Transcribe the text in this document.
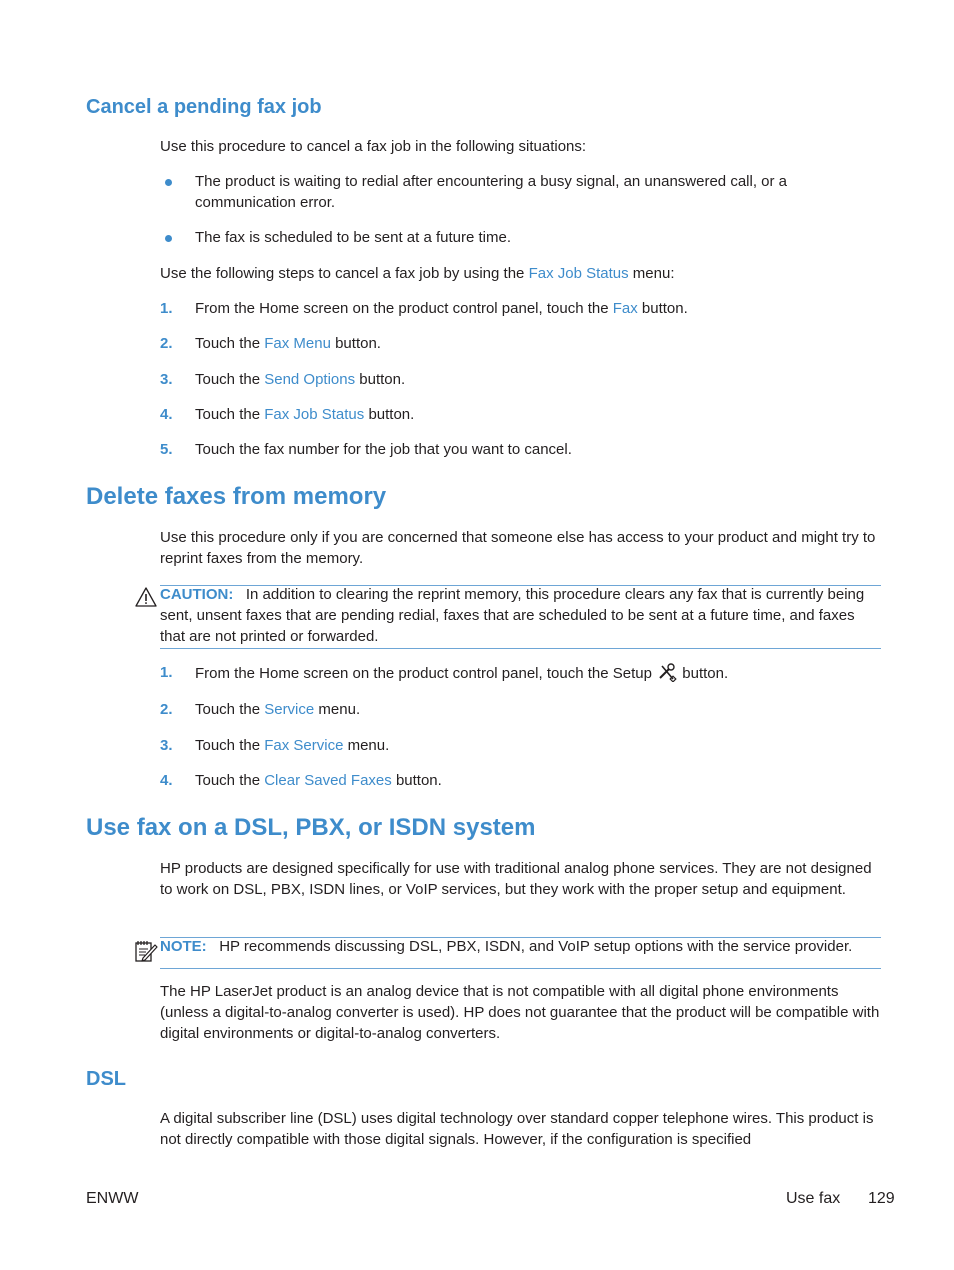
Cancel a pending fax job
Use this procedure to cancel a fax job in the following situations:
The product is waiting to redial after encountering a busy signal, an unanswered call, or a communication error.
The fax is scheduled to be sent at a future time.
Use the following steps to cancel a fax job by using the Fax Job Status menu:
1. From the Home screen on the product control panel, touch the Fax button.
2. Touch the Fax Menu button.
3. Touch the Send Options button.
4. Touch the Fax Job Status button.
5. Touch the fax number for the job that you want to cancel.
Delete faxes from memory
Use this procedure only if you are concerned that someone else has access to your product and might try to reprint faxes from the memory.
CAUTION: In addition to clearing the reprint memory, this procedure clears any fax that is currently being sent, unsent faxes that are pending redial, faxes that are scheduled to be sent at a future time, and faxes that are not printed or forwarded.
1. From the Home screen on the product control panel, touch the Setup  button.
2. Touch the Service menu.
3. Touch the Fax Service menu.
4. Touch the Clear Saved Faxes button.
Use fax on a DSL, PBX, or ISDN system
HP products are designed specifically for use with traditional analog phone services. They are not designed to work on DSL, PBX, ISDN lines, or VoIP services, but they work with the proper setup and equipment.
NOTE: HP recommends discussing DSL, PBX, ISDN, and VoIP setup options with the service provider.
The HP LaserJet product is an analog device that is not compatible with all digital phone environments (unless a digital-to-analog converter is used). HP does not guarantee that the product will be compatible with digital environments or digital-to-analog converters.
DSL
A digital subscriber line (DSL) uses digital technology over standard copper telephone wires. This product is not directly compatible with those digital signals. However, if the configuration is specified
ENWW	Use fax 129
